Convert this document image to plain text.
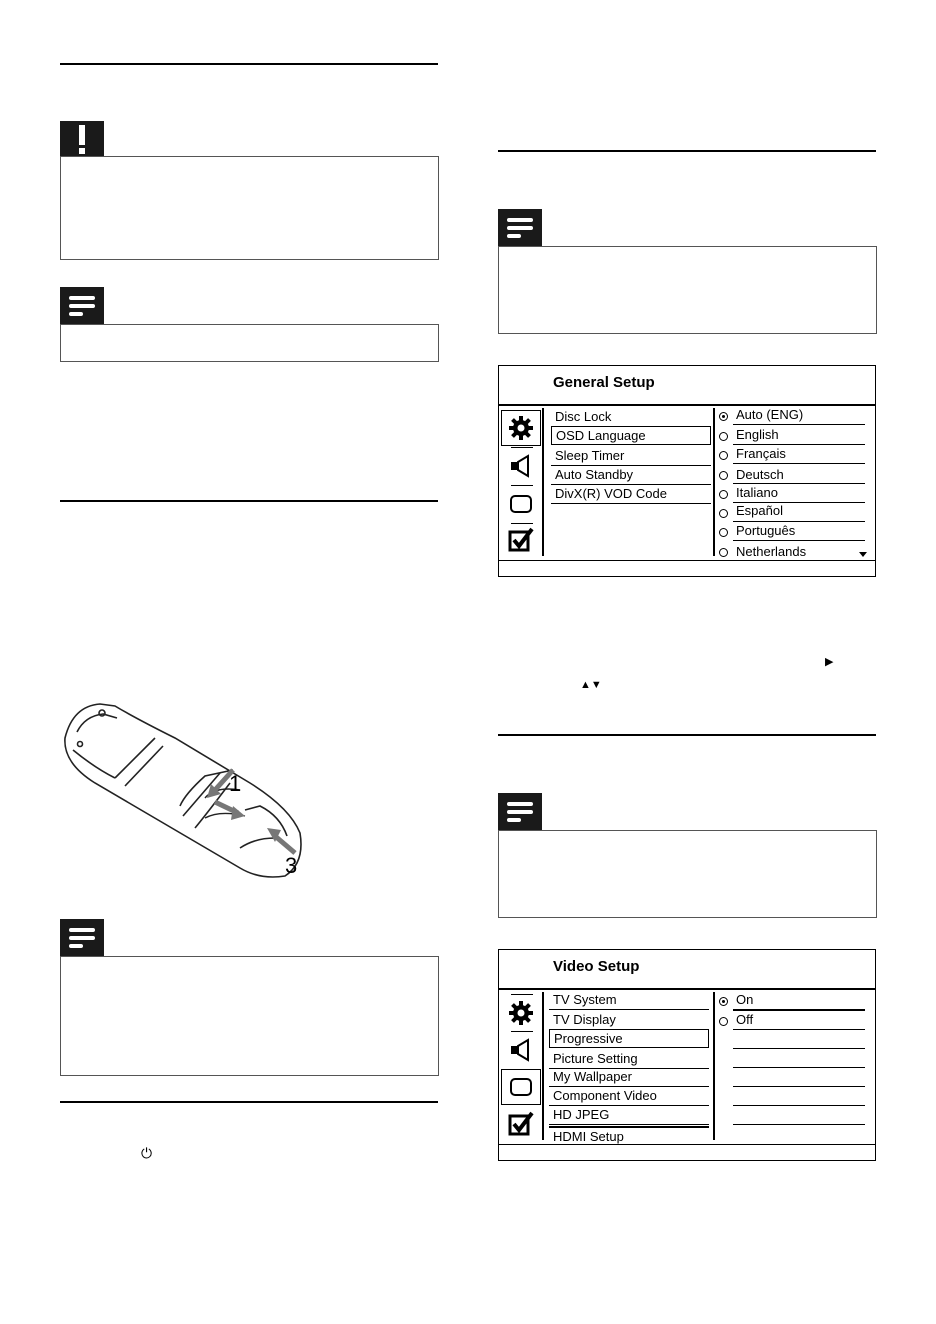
1
3
⏻
General Setup
Disc Lock
OSD Language
Sleep Timer
Auto Standby
DivX(R) VOD Code
Auto (ENG)
English
Français
Deutsch
Italiano
Español
Português
Netherlands
▶
▲▼
Video Setup
TV System
TV Display
Progressive
Picture Setting
My Wallpaper
Component Video
HD JPEG
HDMI Setup
On
Off
